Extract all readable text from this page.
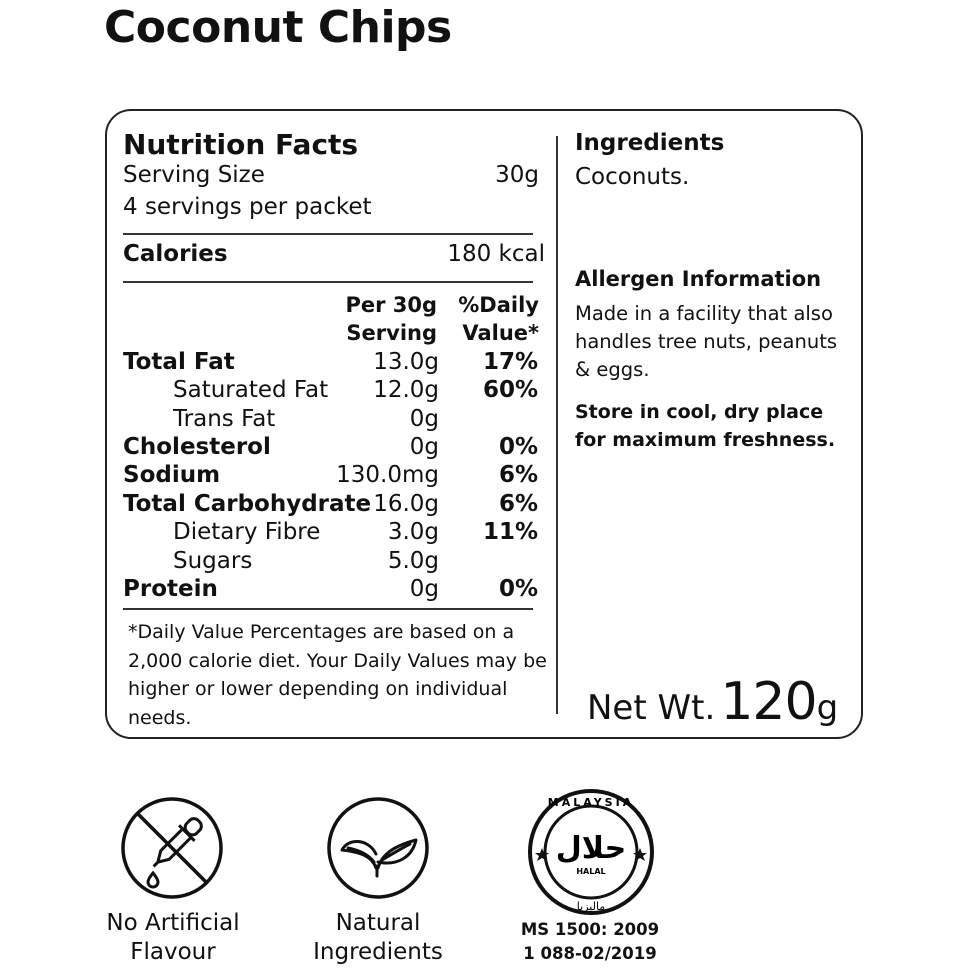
Coconut Chips
Nutrition Facts
Serving Size	30g
4 servings per packet
Calories	180 kcal
Per 30g
Serving
%Daily
Value*
Total Fat	13.0g 17%
Saturated Fat 12.0g 60%
Trans Fat	0g
Cholesterol	0g	0%
Sodium	130.0mg	6%
Total Carbohydrate 16.0g	6%
Dietary Fibre	3.0g 11%
Sugars	5.0g
Protein	0g	0%
*Daily Value Percentages are based on a 2,000 calorie diet. Your Daily Values may be higher or lower depending on individual needs.
Ingredients
Coconuts.
Allergen Information
Made in a facility that also handles tree nuts, peanuts & eggs.
Store in cool, dry place for maximum freshness.
Net Wt. 120g
No Artificial
Flavour
Natural
Ingredients
MALAYSIA
ماليزيا
حلال
HALAL
MS 1500: 2009
1 088-02/2019
